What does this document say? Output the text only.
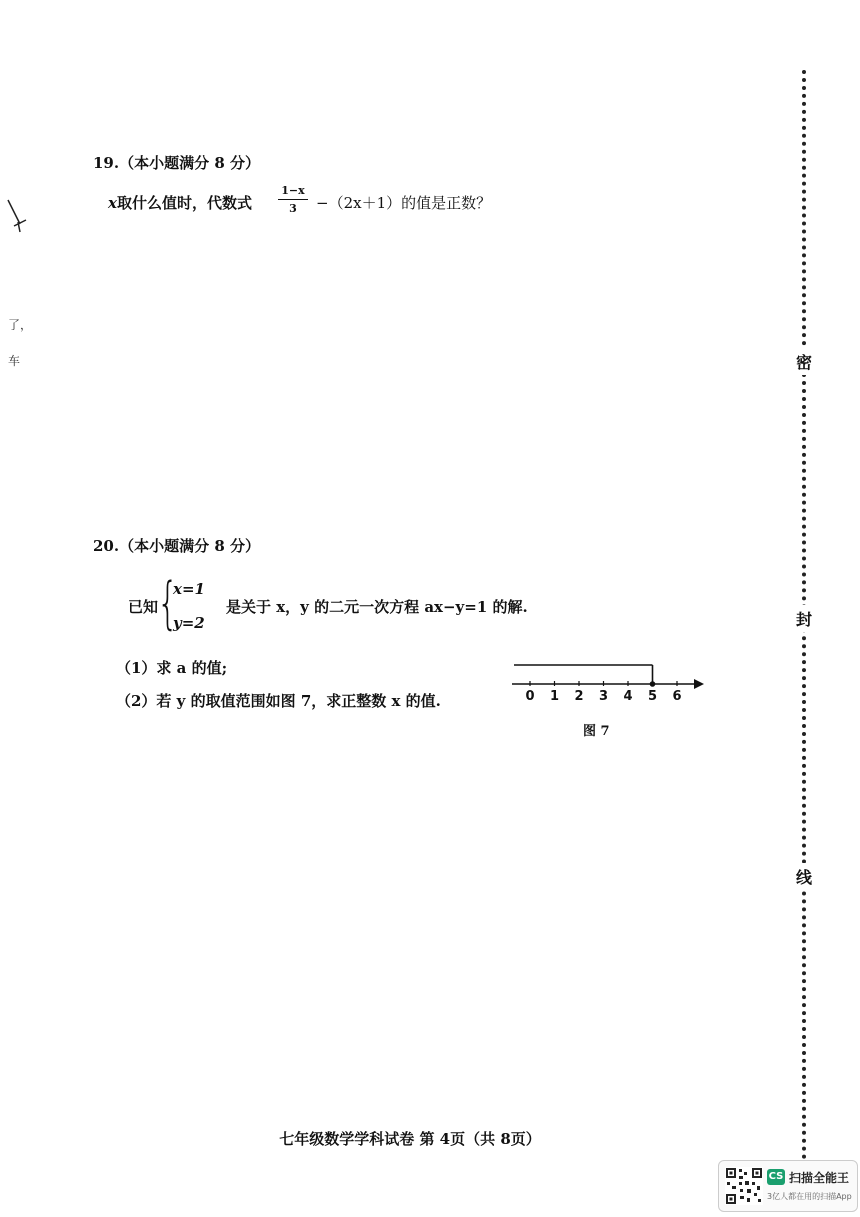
了，
车
19.（本小题满分 8 分）
x取什么值时，代数式
1−x
3	−（2x＋1）的值是正数？
20.（本小题满分 8 分）
已知
{
x=1
y=2
是关于 x，y 的二元一次方程 ax−y=1 的解.
（1）求 a 的值;
（2）若 y 的取值范围如图 7，求正整数 x 的值.	0 1 2 3 4 5 6
图 7
密
封
线
七年级数学学科试卷 第 4页（共 8页）
CS 扫描全能王
3亿人都在用的扫描App
